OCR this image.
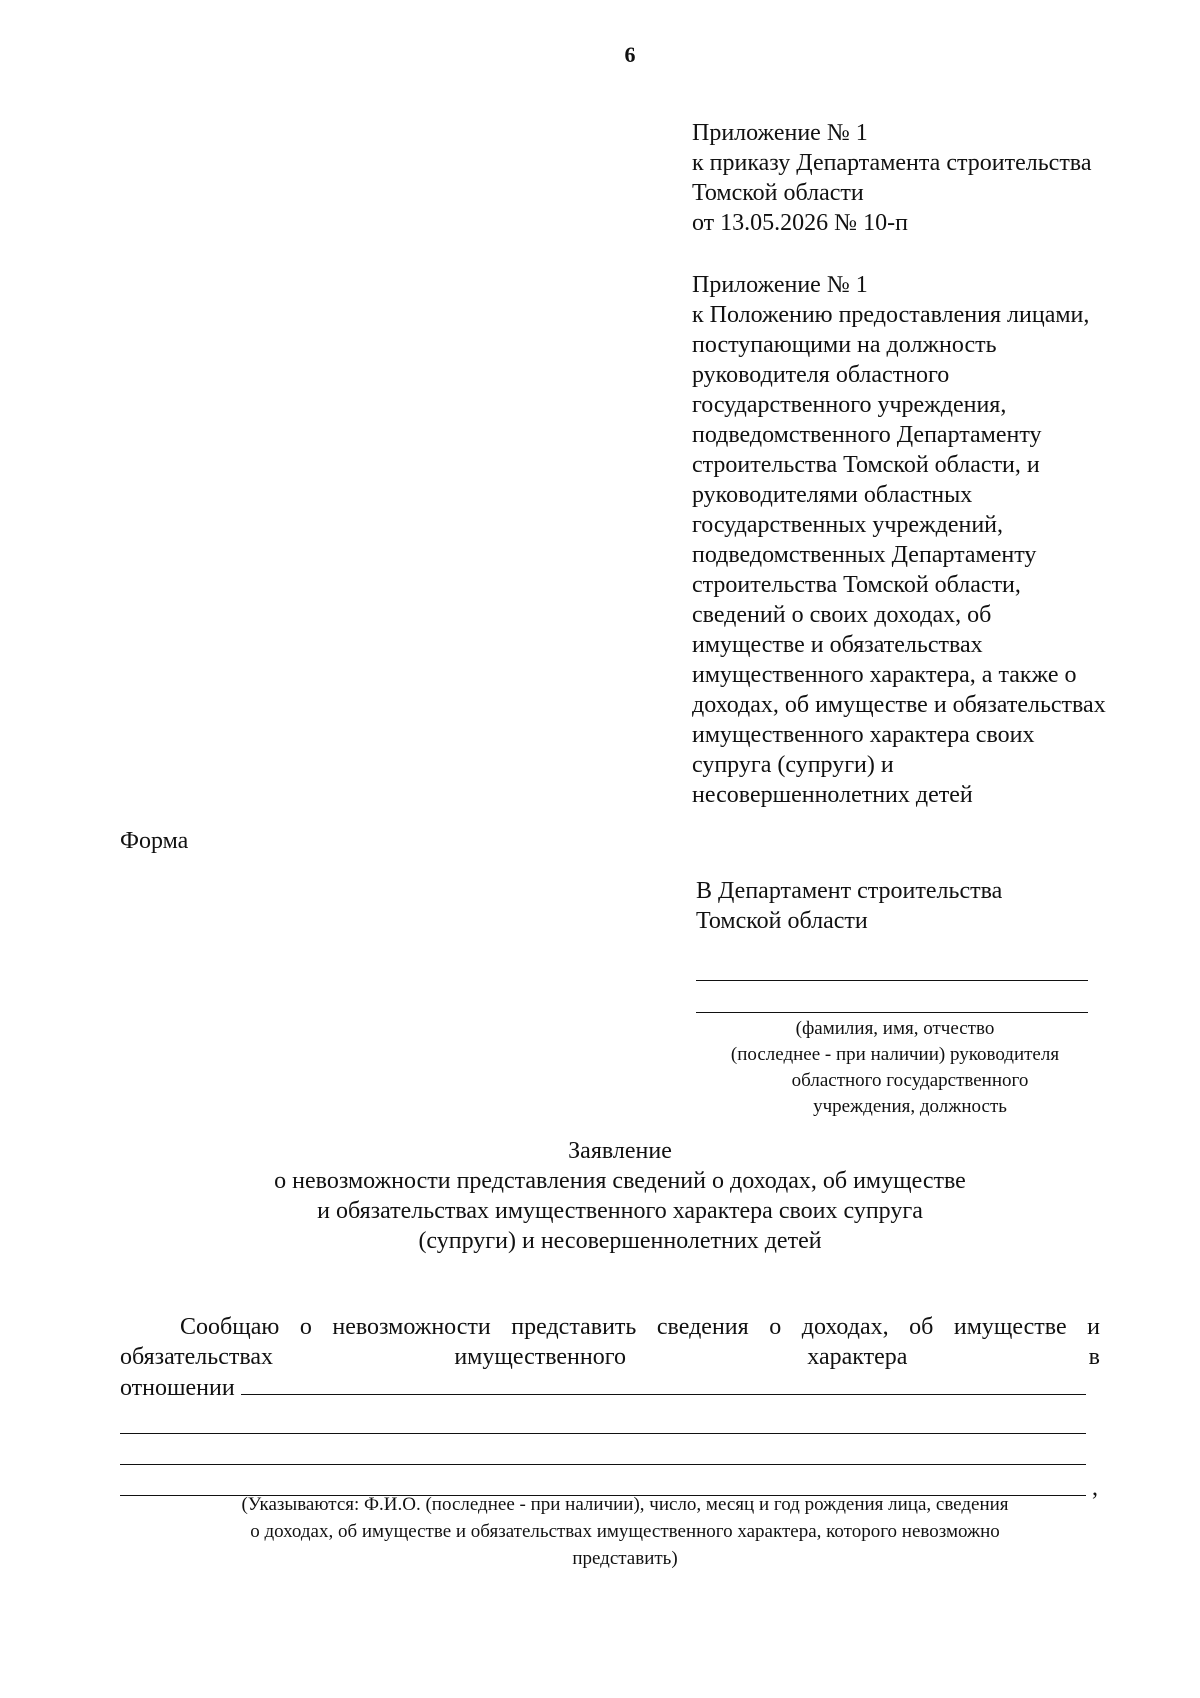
6
Приложение № 1
к приказу Департамента строительства
Томской области
от 13.05.2026 № 10-п
Приложение № 1
к Положению предоставления лицами,
поступающими на должность
руководителя областного
государственного учреждения,
подведомственного Департаменту
строительства Томской области, и
руководителями областных
государственных учреждений,
подведомственных Департаменту
строительства Томской области,
сведений о своих доходах, об
имуществе и обязательствах
имущественного характера, а также о
доходах, об имуществе и обязательствах
имущественного характера своих
супруга (супруги) и
несовершеннолетних детей
Форма
В Департамент строительства
Томской области
(фамилия, имя, отчество
(последнее - при наличии) руководителя
областного государственного
учреждения, должность
Заявление
о невозможности представления сведений о доходах, об имуществе
и обязательствах имущественного характера своих супруга
(супруги) и несовершеннолетних детей
Сообщаю о невозможности представить сведения о доходах, об имуществе и
обязательствах	имущественного	характера	в
отношении
,
(Указываются: Ф.И.О. (последнее - при наличии), число, месяц и год рождения лица, сведения
о доходах, об имуществе и обязательствах имущественного характера, которого невозможно
представить)
